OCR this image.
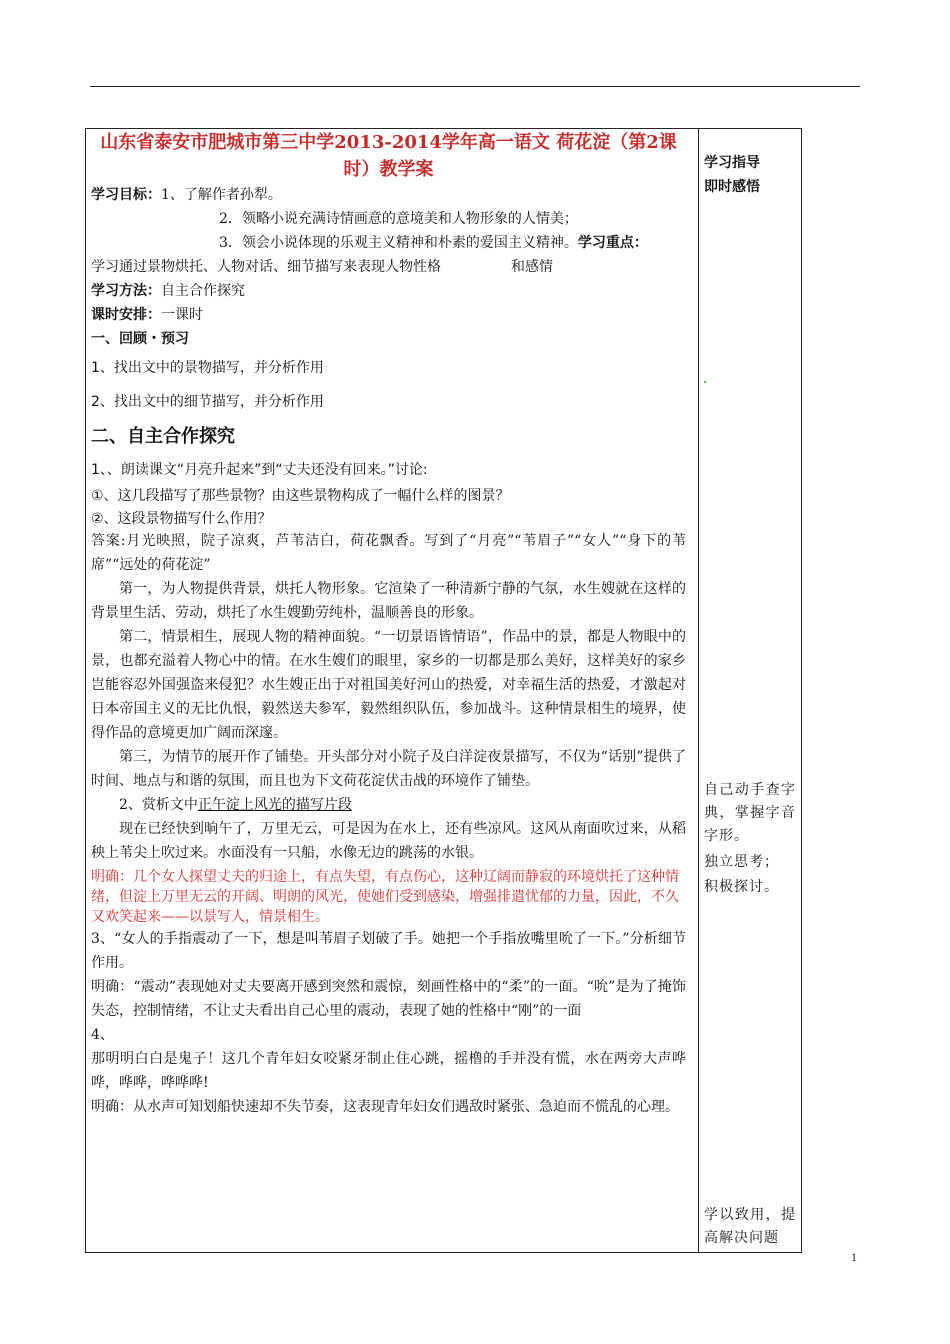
山东省泰安市肥城市第三中学2013-2014学年高一语文 荷花淀（第2课时）教学案

学习目标：1、了解作者孙犁。

2．领略小说充满诗情画意的意境美和人物形象的人情美；

3．领会小说体现的乐观主义精神和朴素的爱国主义精神。学习重点：

学习通过景物烘托、人物对话、细节描写来表现人物性格　　　　　和感情

学习方法：自主合作探究

课时安排：一课时

一、回顾・预习

1、找出文中的景物描写，并分析作用

2、找出文中的细节描写，并分析作用

二、自主合作探究

1、、朗读课文“月亮升起来”到“丈夫还没有回来。”讨论:

①、这几段描写了那些景物？由这些景物构成了一幅什么样的图景？

②、这段景物描写什么作用？

答案:月光映照，院子凉爽，芦苇洁白，荷花飘香。写到了“月亮”“苇眉子”“女人”“身下的苇席”“远处的荷花淀”

第一，为人物提供背景，烘托人物形象。它渲染了一种清新宁静的气氛，水生嫂就在这样的背景里生活、劳动，烘托了水生嫂勤劳纯朴，温顺善良的形象。

第二，情景相生，展现人物的精神面貌。“一切景语皆情语”，作品中的景，都是人物眼中的景，也都充溢着人物心中的情。在水生嫂们的眼里，家乡的一切都是那么美好，这样美好的家乡岂能容忍外国强盗来侵犯？水生嫂正出于对祖国美好河山的热爱，对幸福生活的热爱，才激起对日本帝国主义的无比仇恨，毅然送夫参军，毅然组织队伍，参加战斗。这种情景相生的境界，使得作品的意境更加广阔而深邃。

第三，为情节的展开作了铺垫。开头部分对小院子及白洋淀夜景描写，不仅为“话别”提供了时间、地点与和谐的氛围，而且也为下文荷花淀伏击战的环境作了铺垫。

2、赏析文中正午淀上风光的描写片段

现在已经快到晌午了，万里无云，可是因为在水上，还有些凉风。这风从南面吹过来，从稻秧上苇尖上吹过来。水面没有一只船，水像无边的跳荡的水银。

明确：几个女人探望丈夫的归途上，有点失望，有点伤心，这种辽阔而静寂的环境烘托了这种情绪，但淀上万里无云的开阔、明朗的风光，使她们受到感染，增强排遣忧郁的力量，因此，不久又欢笑起来——以景写人，情景相生。

3、“女人的手指震动了一下，想是叫苇眉子划破了手。她把一个手指放嘴里吮了一下。”分析细节作用。

明确：“震动”表现她对丈夫要离开感到突然和震惊，刻画性格中的“柔”的一面。“吮”是为了掩饰失态，控制情绪，不让丈夫看出自己心里的震动，表现了她的性格中“刚”的一面

4、

那明明白白是鬼子！这几个青年妇女咬紧牙制止住心跳，摇橹的手并没有慌，水在两旁大声哗哗，哗哗，哗哗哗!

明确：从水声可知划船快速却不失节奏，这表现青年妇女们遇敌时紧张、急迫而不慌乱的心理。

学习指导
即时感悟
自己动手查字典，掌握字音字形。
独立思考；
积极探讨。
学以致用，提高解决问题
1
